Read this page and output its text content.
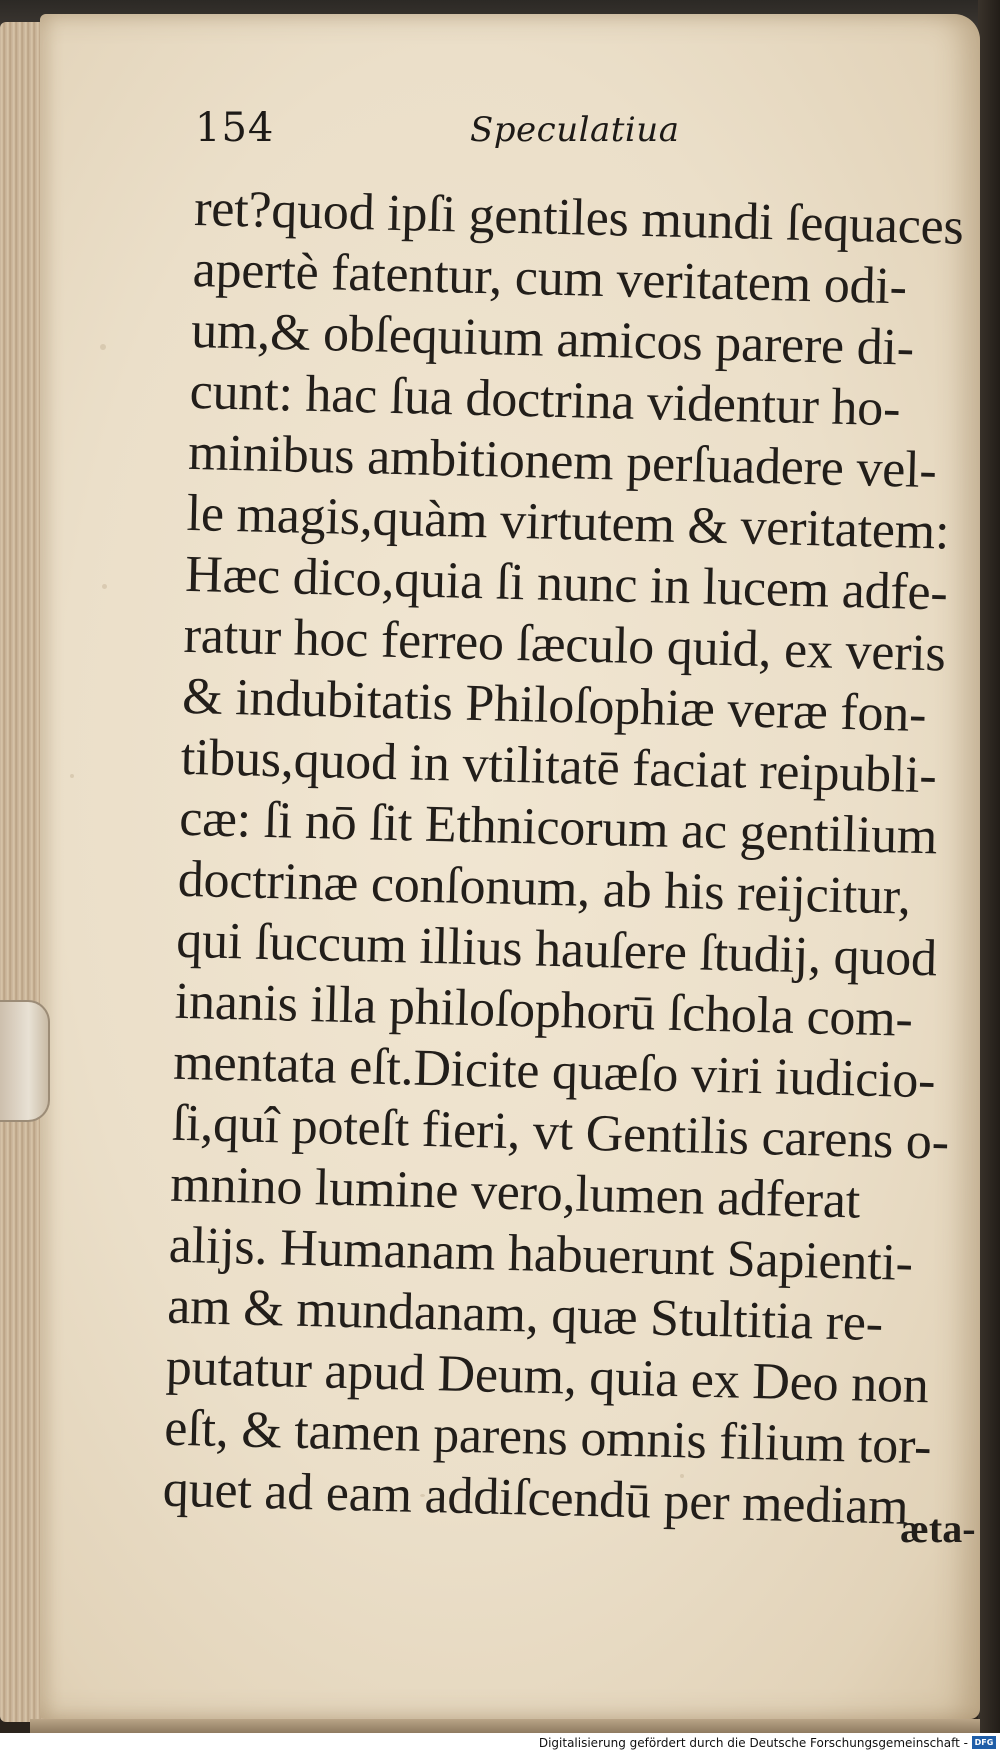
154	Speculatiua
ret?quod ipſi gentiles mundi ſequaces
apertè fatentur, cum veritatem odi-
um,& obſequium amicos parere di-
cunt: hac ſua doctrina videntur ho-
minibus ambitionem perſuadere vel-
le magis,quàm virtutem & veritatem:
Hæc dico,quia ſi nunc in lucem adfe-
ratur hoc ferreo ſæculo quid, ex veris
& indubitatis Philoſophiæ veræ fon-
tibus,quod in vtilitatē faciat reipubli-
cæ: ſi nō ſit Ethnicorum ac gentilium
doctrinæ conſonum, ab his reijcitur,
qui ſuccum illius hauſere ſtudij, quod
inanis illa philoſophorū ſchola com-
mentata eſt.Dicite quæſo viri iudicio-
ſi,quî poteſt fieri, vt Gentilis carens o-
mnino lumine vero,lumen adferat
alijs. Humanam habuerunt Sapienti-
am & mundanam, quæ Stultitia re-
putatur apud Deum, quia ex Deo non
eſt, & tamen parens omnis filium tor-
quet ad eam addiſcendū per mediam
æta-
Digitalisierung gefördert durch die Deutsche Forschungsgemeinschaft - DFG
